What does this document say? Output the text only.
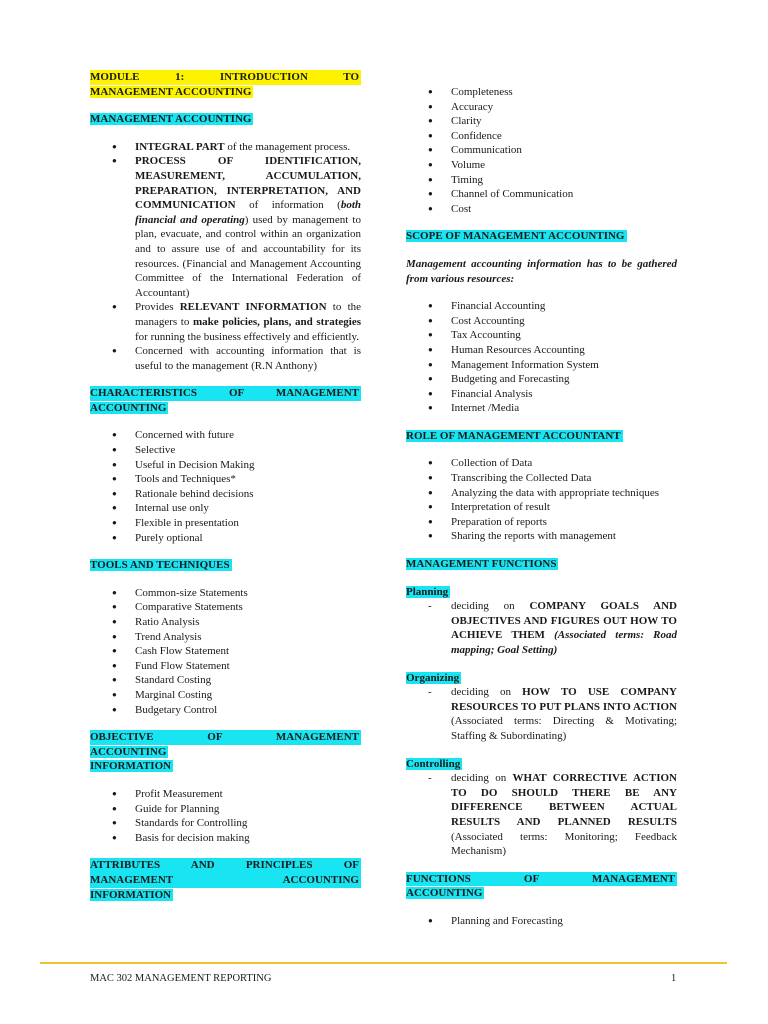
MODULE 1: INTRODUCTION TO
MANAGEMENT ACCOUNTING
MANAGEMENT ACCOUNTING
● INTEGRAL PART of the management process.
● PROCESS OF IDENTIFICATION, MEASUREMENT, ACCUMULATION, PREPARATION, INTERPRETATION, AND COMMUNICATION of information (both financial and operating) used by management to plan, evacuate, and control within an organization and to assure use of and accountability for its resources. (Financial and Management Accounting Committee of the International Federation of Accountant)
● Provides RELEVANT INFORMATION to the managers to make policies, plans, and strategies for running the business effectively and efficiently.
● Concerned with accounting information that is useful to the management (R.N Anthony)
CHARACTERISTICS OF MANAGEMENT
ACCOUNTING
● Concerned with future
● Selective
● Useful in Decision Making
● Tools and Techniques*
● Rationale behind decisions
● Internal use only
● Flexible in presentation
● Purely optional
TOOLS AND TECHNIQUES
● Common-size Statements
● Comparative Statements
● Ratio Analysis
● Trend Analysis
● Cash Flow Statement
● Fund Flow Statement
● Standard Costing
● Marginal Costing
● Budgetary Control
OBJECTIVE OF MANAGEMENT
ACCOUNTING
INFORMATION
● Profit Measurement
● Guide for Planning
● Standards for Controlling
● Basis for decision making
ATTRIBUTES AND PRINCIPLES OF
MANAGEMENT ACCOUNTING
INFORMATION
● Completeness
● Accuracy
● Clarity
● Confidence
● Communication
● Volume
● Timing
● Channel of Communication
● Cost
SCOPE OF MANAGEMENT ACCOUNTING
Management accounting information has to be gathered from various resources:
● Financial Accounting
● Cost Accounting
● Tax Accounting
● Human Resources Accounting
● Management Information System
● Budgeting and Forecasting
● Financial Analysis
● Internet /Media
ROLE OF MANAGEMENT ACCOUNTANT
● Collection of Data
● Transcribing the Collected Data
● Analyzing the data with appropriate techniques
● Interpretation of result
● Preparation of reports
● Sharing the reports with management
MANAGEMENT FUNCTIONS
Planning
- deciding on COMPANY GOALS AND OBJECTIVES AND FIGURES OUT HOW TO ACHIEVE THEM (Associated terms: Road mapping; Goal Setting)
Organizing
- deciding on HOW TO USE COMPANY RESOURCES TO PUT PLANS INTO ACTION (Associated terms: Directing & Motivating; Staffing & Subordinating)
Controlling
- deciding on WHAT CORRECTIVE ACTION TO DO SHOULD THERE BE ANY DIFFERENCE BETWEEN ACTUAL RESULTS AND PLANNED RESULTS (Associated terms: Monitoring; Feedback Mechanism)
FUNCTIONS OF MANAGEMENT
ACCOUNTING
● Planning and Forecasting
MAC 302 MANAGEMENT REPORTING	1
